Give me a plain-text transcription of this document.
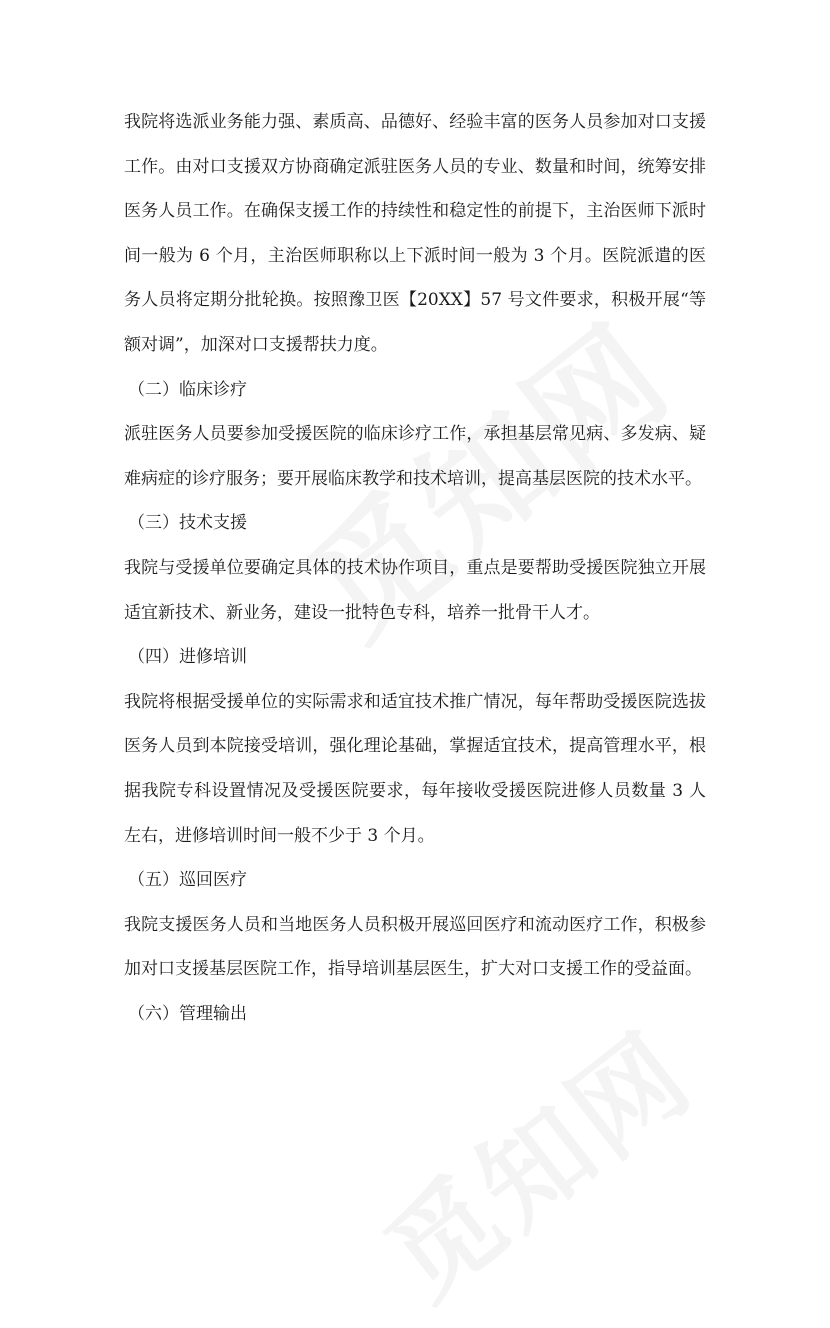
我院将选派业务能力强、素质高、品德好、经验丰富的医务人员参加对口支援工作。由对口支援双方协商确定派驻医务人员的专业、数量和时间，统筹安排医务人员工作。在确保支援工作的持续性和稳定性的前提下，主治医师下派时间一般为 6 个月，主治医师职称以上下派时间一般为 3 个月。医院派遣的医务人员将定期分批轮换。按照豫卫医【20XX】57 号文件要求，积极开展“等额对调”，加深对口支援帮扶力度。

（二）临床诊疗

派驻医务人员要参加受援医院的临床诊疗工作，承担基层常见病、多发病、疑难病症的诊疗服务；要开展临床教学和技术培训，提高基层医院的技术水平。

（三）技术支援

我院与受援单位要确定具体的技术协作项目，重点是要帮助受援医院独立开展适宜新技术、新业务，建设一批特色专科，培养一批骨干人才。

（四）进修培训

我院将根据受援单位的实际需求和适宜技术推广情况，每年帮助受援医院选拔医务人员到本院接受培训，强化理论基础，掌握适宜技术，提高管理水平，根据我院专科设置情况及受援医院要求，每年接收受援医院进修人员数量 3 人左右，进修培训时间一般不少于 3 个月。

（五）巡回医疗

我院支援医务人员和当地医务人员积极开展巡回医疗和流动医疗工作，积极参加对口支援基层医院工作，指导培训基层医生，扩大对口支援工作的受益面。

（六）管理输出
